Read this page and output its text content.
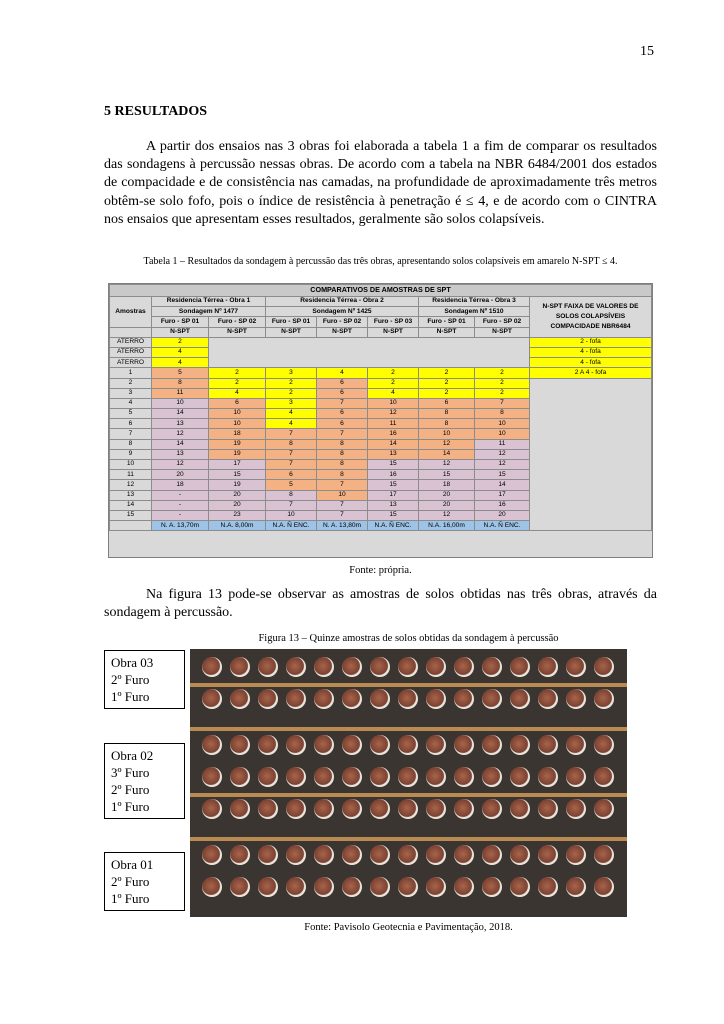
15
5 RESULTADOS

A partir dos ensaios nas 3 obras foi elaborada a tabela 1 a fim de comparar os resultados das sondagens à percussão nessas obras. De acordo com a tabela na NBR 6484/2001 dos estados de compacidade e de consistência nas camadas, na profundidade de aproximadamente três metros obtêm-se solo fofo, pois o índice de resistência à penetração é ≤ 4, e de acordo com o CINTRA nos ensaios que apresentam esses resultados, geralmente são solos colapsíveis.

Tabela 1 – Resultados da sondagem à percussão das três obras, apresentando solos colapsíveis em amarelo N-SPT ≤ 4.
COMPARATIVOS DE AMOSTRAS DE SPT								
Amostras	Residencia Térrea - Obra 1		Residencia Térrea - Obra 2			Residencia Térrea - Obra 3		N-SPT FAIXA DE VALORES DE SOLOS COLAPSÍVEIS COMPACIDADE NBR6484
	Sondagem Nº 1477		Sondagem Nº 1425			Sondagem Nº 1510		
	Furo - SP 01	Furo - SP 02	Furo - SP 01	Furo - SP 02	Furo - SP 03	Furo - SP 01	Furo - SP 02	
	N-SPT	N-SPT	N-SPT	N-SPT	N-SPT	N-SPT	N-SPT	
ATERRO	2							2 - fofa
ATERRO	4							4 - fofa
ATERRO	4							4 - fofa
1	5	2	3	4	2	2	2	2 A 4 - fofa
2	8	2	2	6	2	2	2	
3	11	4	2	6	4	2	2	
4	10	6	3	7	10	6	7	
5	14	10	4	6	12	8	8	
6	13	10	4	6	11	8	10	
7	12	18	7	7	16	10	10	
8	14	19	8	8	14	12	11	
9	13	19	7	8	13	14	12	
10	12	17	7	8	15	12	12	
11	20	15	6	8	16	15	15	
12	18	19	5	7	15	18	14	
13	-	20	8	10	17	20	17	
14	-	20	7	7	13	20	16	
15	-	23	10	7	15	12	20	
	N. A. 13,70m	N.A. 8,00m	N.A. Ñ ENC.	N. A. 13,80m	N.A. Ñ ENC.	N.A. 16,00m	N.A. Ñ ENC.	
Fonte: própria.

Na figura 13 pode-se observar as amostras de solos obtidas nas três obras, através da sondagem à percussão.

Figura 13 – Quinze amostras de solos obtidas da sondagem à percussão
Obra 03
2º Furo
1º Furo
Obra 02
3º Furo
2º Furo
1º Furo
Obra 01
2º Furo
1º Furo
Fonte: Pavisolo Geotecnia e Pavimentação, 2018.
